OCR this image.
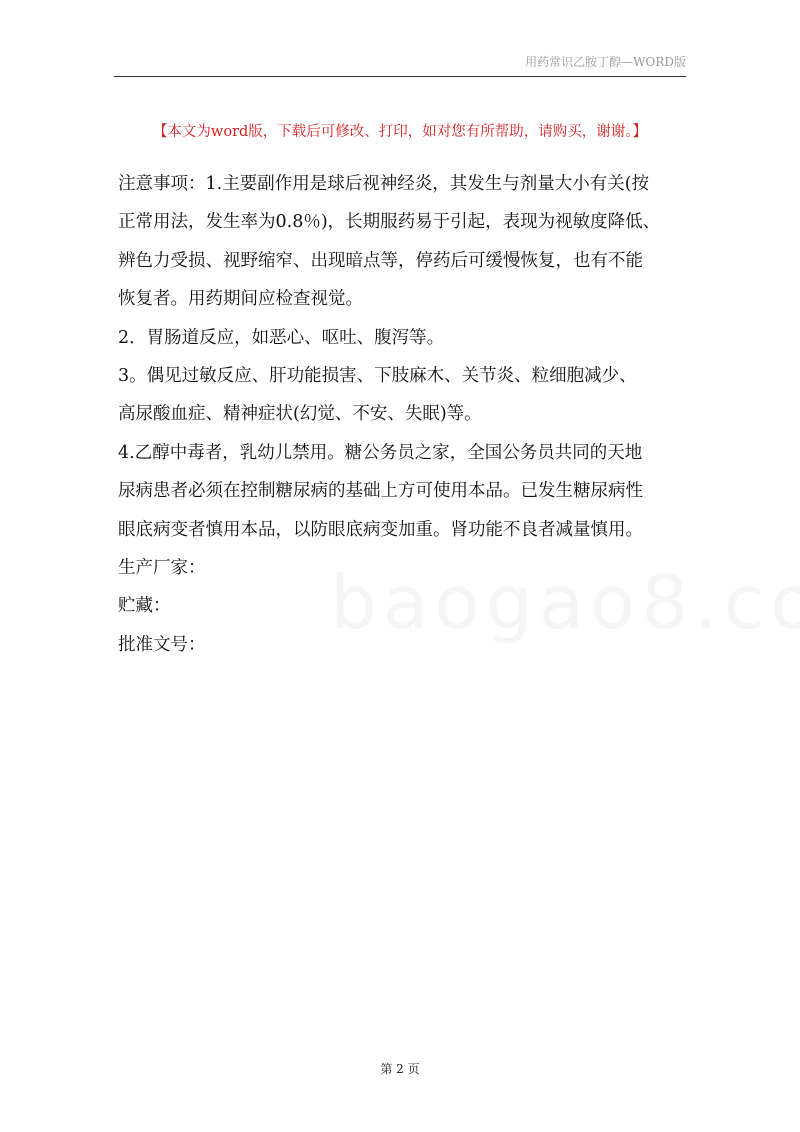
用药常识乙胺丁醇—WORD版
【本文为word版，下载后可修改、打印，如对您有所帮助，请购买，谢谢。】

注意事项：1.主要副作用是球后视神经炎，其发生与剂量大小有关(按

正常用法，发生率为0.8％)，长期服药易于引起，表现为视敏度降低、

辨色力受损、视野缩窄、出现暗点等，停药后可缓慢恢复，也有不能

恢复者。用药期间应检查视觉。

2．胃肠道反应，如恶心、呕吐、腹泻等。

3。偶见过敏反应、肝功能损害、下肢麻木、关节炎、粒细胞减少、

高尿酸血症、精神症状(幻觉、不安、失眠)等。

4.乙醇中毒者，乳幼儿禁用。糖公务员之家，全国公务员共同的天地

尿病患者必须在控制糖尿病的基础上方可使用本品。已发生糖尿病性

眼底病变者慎用本品，以防眼底病变加重。肾功能不良者减量慎用。

生产厂家：

贮藏：

批准文号：

第 2 页
